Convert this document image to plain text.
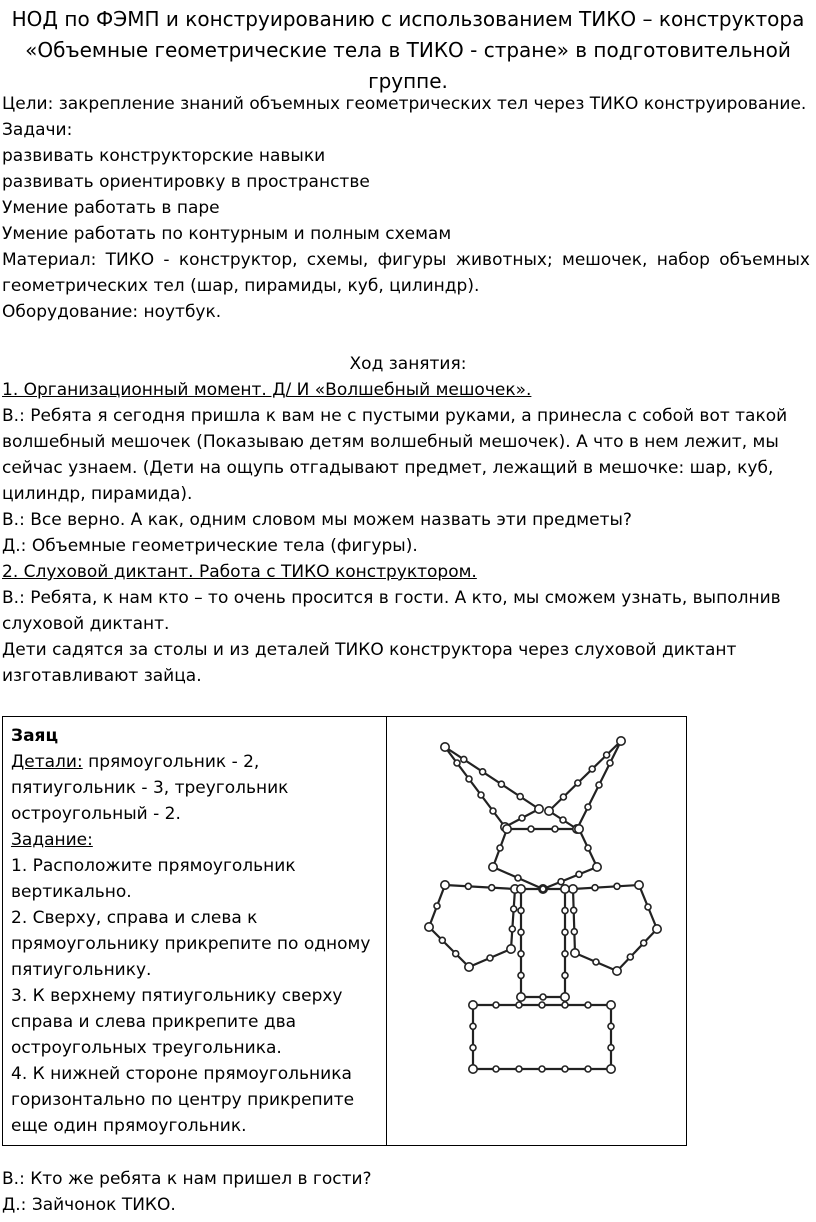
НОД по ФЭМП и конструированию с использованием ТИКО – конструктора
«Объемные геометрические тела в ТИКО - стране» в подготовительной
группе.
Цели: закрепление знаний объемных геометрических тел через ТИКО конструирование.
Задачи:
развивать конструкторские навыки
развивать ориентировку в пространстве
Умение работать в паре
Умение работать по контурным и полным схемам
Материал: ТИКО - конструктор, схемы, фигуры животных; мешочек, набор объемных
геометрических тел (шар, пирамиды, куб, цилиндр).
Оборудование: ноутбук.
Ход занятия:
1. Организационный момент. Д/ И «Волшебный мешочек».
В.: Ребята я сегодня пришла к вам не с пустыми руками, а принесла с собой вот такой
волшебный мешочек (Показываю детям волшебный мешочек). А что в нем лежит, мы
сейчас узнаем. (Дети на ощупь отгадывают предмет, лежащий в мешочке: шар, куб,
цилиндр, пирамида).
В.: Все верно. А как, одним словом мы можем назвать эти предметы?
Д.: Объемные геометрические тела (фигуры).
2. Слуховой диктант. Работа с ТИКО конструктором.
В.: Ребята, к нам кто – то очень просится в гости. А кто, мы сможем узнать, выполнив
слуховой диктант.
Дети садятся за столы и из деталей ТИКО конструктора через слуховой диктант
изготавливают зайца.
Заяц
Детали: прямоугольник - 2,
пятиугольник - 3, треугольник
остроугольный - 2.
Задание:
1. Расположите прямоугольник
вертикально.
2. Сверху, справа и слева к
прямоугольнику прикрепите по одному
пятиугольнику.
3. К верхнему пятиугольнику сверху
справа и слева прикрепите два
остроугольных треугольника.
4. К нижней стороне прямоугольника
горизонтально по центру прикрепите
еще один прямоугольник.

В.: Кто же ребята к нам пришел в гости?
Д.: Зайчонок ТИКО.
